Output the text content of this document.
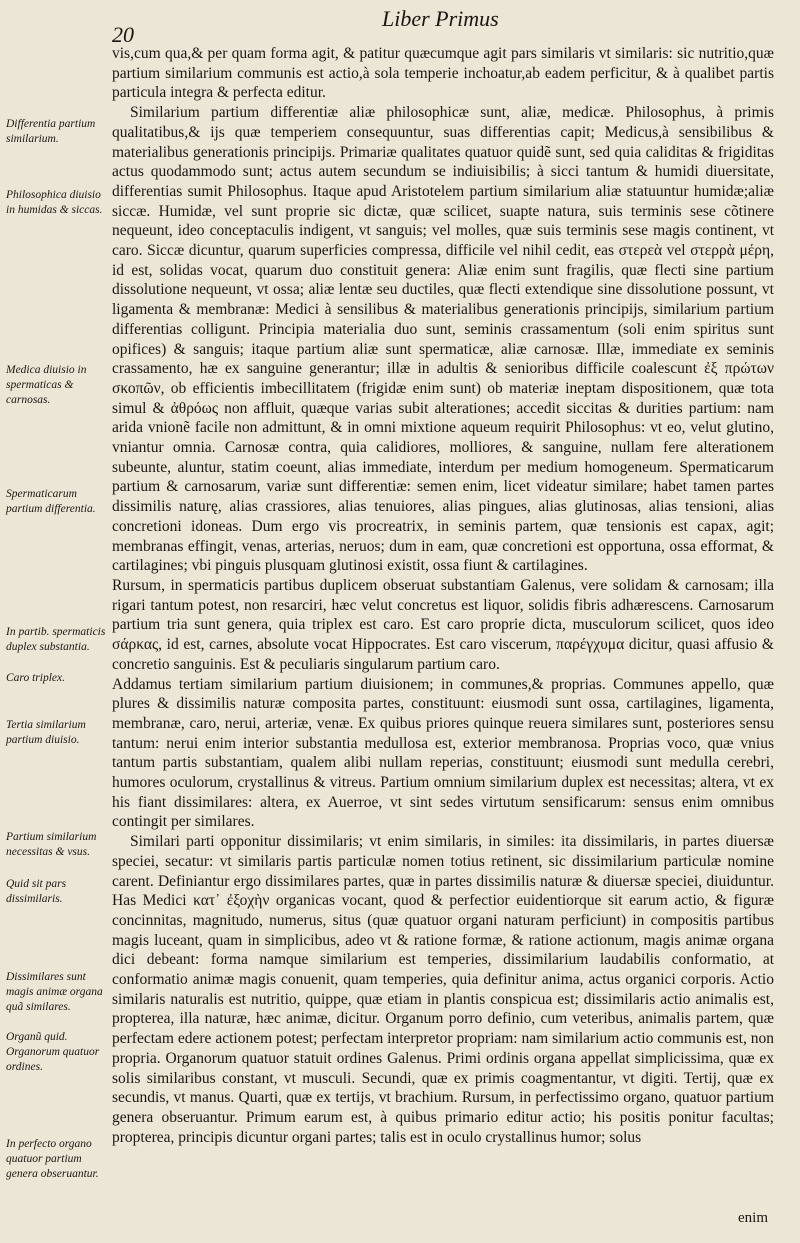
20
Liber Primus
Differentia partium similarium.
Philosophica diuisio in humidas & siccas.
Medica diuisio in spermaticas & carnosas.
Spermaticarum partium differentia.
In partib. spermaticis duplex substantia.
Caro triplex.
Tertia similarium partium diuisio.
Partium similarium necessitas & vsus.
Quid sit pars dissimilaris.
Dissimilares sunt magis animæ organa quã similares.
Organũ quid.
Organorum quatuor ordines.
In perfecto organo quatuor partium genera obseruantur.

vis,cum qua,& per quam forma agit, & patitur quæcumque agit pars similaris vt similaris: sic nutritio,quæ partium similarium communis est actio,à sola temperie inchoatur,ab eadem perficitur, & à qualibet partis particula integra & perfecta editur.

Similarium partium differentiæ aliæ philosophicæ sunt, aliæ, medicæ. Philosophus, à primis qualitatibus,& ijs quæ temperiem consequuntur, suas differentias capit; Medicus,à sensibilibus & materialibus generationis principijs. Primariæ qualitates quatuor quidẽ sunt, sed quia caliditas & frigiditas actus quodammodo sunt; actus autem secundum se indiuisibilis; à sicci tantum & humidi diuersitate, differentias sumit Philosophus. Itaque apud Aristotelem partium similarium aliæ statuuntur humidæ;aliæ siccæ. Humidæ, vel sunt proprie sic dictæ, quæ scilicet, suapte natura, suis terminis sese cõtinere nequeunt, ideo conceptaculis indigent, vt sanguis; vel molles, quæ suis terminis sese magis continent, vt caro. Siccæ dicuntur, quarum superficies compressa, difficile vel nihil cedit, eas στερεὰ vel στερρὰ μέρη, id est, solidas vocat, quarum duo constituit genera: Aliæ enim sunt fragilis, quæ flecti sine partium dissolutione nequeunt, vt ossa; aliæ lentæ seu ductiles, quæ flecti extendique sine dissolutione possunt, vt ligamenta & membranæ: Medici à sensilibus & materialibus generationis principijs, similarium partium differentias colligunt. Principia materialia duo sunt, seminis crassamentum (soli enim spiritus sunt opifices) & sanguis; itaque partium aliæ sunt spermaticæ, aliæ carnosæ. Illæ, immediate ex seminis crassamento, hæ ex sanguine generantur; illæ in adultis & senioribus difficile coalescunt ἐξ πρώτων σκοπῶν, ob efficientis imbecillitatem (frigidæ enim sunt) ob materiæ ineptam dispositionem, quæ tota simul & ἀθρόως non affluit, quæque varias subit alterationes; accedit siccitas & durities partium: nam arida vnionẽ facile non admittunt, & in omni mixtione aqueum requirit Philosophus: vt eo, velut glutino, vniantur omnia. Carnosæ contra, quia calidiores, molliores, & sanguine, nullam fere alterationem subeunte, aluntur, statim coeunt, alias immediate, interdum per medium homogeneum. Spermaticarum partium & carnosarum, variæ sunt differentiæ: semen enim, licet videatur similare; habet tamen partes dissimilis naturę, alias crassiores, alias tenuiores, alias pingues, alias glutinosas, alias tensioni, alias concretioni idoneas. Dum ergo vis procreatrix, in seminis partem, quæ tensionis est capax, agit; membranas effingit, venas, arterias, neruos; dum in eam, quæ concretioni est opportuna, ossa efformat, & cartilagines; vbi pinguis plusquam glutinosi existit, ossa fiunt & cartilagines.

Rursum, in spermaticis partibus duplicem obseruat substantiam Galenus, vere solidam & carnosam; illa rigari tantum potest, non resarciri, hæc velut concretus est liquor, solidis fibris adhærescens. Carnosarum partium tria sunt genera, quia triplex est caro. Est caro proprie dicta, musculorum scilicet, quos ideo σάρκας, id est, carnes, absolute vocat Hippocrates. Est caro viscerum, παρέγχυμα dicitur, quasi affusio & concretio sanguinis. Est & peculiaris singularum partium caro.

Addamus tertiam similarium partium diuisionem; in communes,& proprias. Communes appello, quæ plures & dissimilis naturæ composita partes, constituunt: eiusmodi sunt ossa, cartilagines, ligamenta, membranæ, caro, nerui, arteriæ, venæ. Ex quibus priores quinque reuera similares sunt, posteriores sensu tantum: nerui enim interior substantia medullosa est, exterior membranosa. Proprias voco, quæ vnius tantum partis substantiam, qualem alibi nullam reperias, constituunt; eiusmodi sunt medulla cerebri, humores oculorum, crystallinus & vitreus. Partium omnium similarium duplex est necessitas; altera, vt ex his fiant dissimilares: altera, ex Auerroe, vt sint sedes virtutum sensificarum: sensus enim omnibus contingit per similares.

Similari parti opponitur dissimilaris; vt enim similaris, in similes: ita dissimilaris, in partes diuersæ speciei, secatur: vt similaris partis particulæ nomen totius retinent, sic dissimilarium particulæ nomine carent. Definiantur ergo dissimilares partes, quæ in partes dissimilis naturæ & diuersæ speciei, diuiduntur. Has Medici κατ᾽ ἐξοχὴν organicas vocant, quod & perfectior euidentiorque sit earum actio, & figuræ concinnitas, magnitudo, numerus, situs (quæ quatuor organi naturam perficiunt) in compositis partibus magis luceant, quam in simplicibus, adeo vt & ratione formæ, & ratione actionum, magis animæ organa dici debeant: forma namque similarium est temperies, dissimilarium laudabilis conformatio, at conformatio animæ magis conuenit, quam temperies, quia definitur anima, actus organici corporis. Actio similaris naturalis est nutritio, quippe, quæ etiam in plantis conspicua est; dissimilaris actio animalis est, propterea, illa naturæ, hæc animæ, dicitur. Organum porro definio, cum veteribus, animalis partem, quæ perfectam edere actionem potest; perfectam interpretor propriam: nam similarium actio communis est, non propria. Organorum quatuor statuit ordines Galenus. Primi ordinis organa appellat simplicissima, quæ ex solis similaribus constant, vt musculi. Secundi, quæ ex primis coagmentantur, vt digiti. Tertij, quæ ex secundis, vt manus. Quarti, quæ ex tertijs, vt brachium. Rursum, in perfectissimo organo, quatuor partium genera obseruantur. Primum earum est, à quibus primario editur actio; his positis ponitur facultas; propterea, principis dicuntur organi partes; talis est in oculo crystallinus humor; solus

enim
